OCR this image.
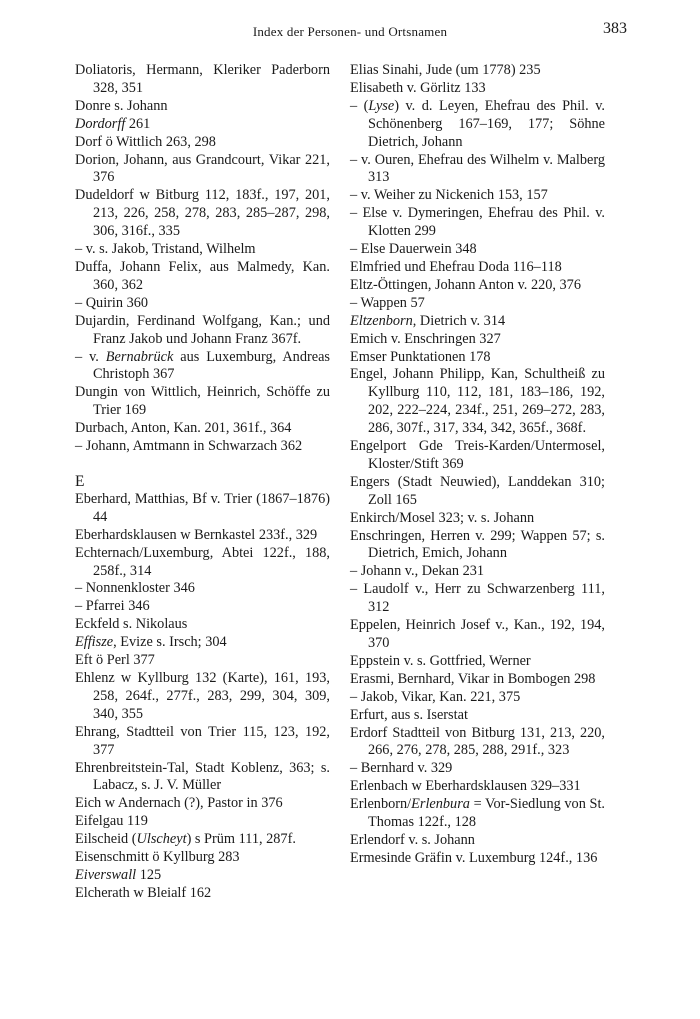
Index der Personen- und Ortsnamen	383

Doliatoris, Hermann, Kleriker Paderborn 328, 351

Donre s. Johann

Dordorff 261

Dorf ö Wittlich 263, 298

Dorion, Johann, aus Grandcourt, Vikar 221, 376

Dudeldorf w Bitburg 112, 183f., 197, 201, 213, 226, 258, 278, 283, 285–287, 298, 306, 316f., 335

– v. s. Jakob, Tristand, Wilhelm

Duffa, Johann Felix, aus Malmedy, Kan. 360, 362

– Quirin 360

Dujardin, Ferdinand Wolfgang, Kan.; und Franz Jakob und Johann Franz 367f.

– v. Bernabrück aus Luxemburg, Andreas Christoph 367

Dungin von Wittlich, Heinrich, Schöffe zu Trier 169

Durbach, Anton, Kan. 201, 361f., 364

– Johann, Amtmann in Schwarzach 362

E

Eberhard, Matthias, Bf v. Trier (1867–1876) 44

Eberhardsklausen w Bernkastel 233f., 329

Echternach/Luxemburg, Abtei 122f., 188, 258f., 314

– Nonnenkloster 346

– Pfarrei 346

Eckfeld s. Nikolaus

Effisze, Evize s. Irsch; 304

Eft ö Perl 377

Ehlenz w Kyllburg 132 (Karte), 161, 193, 258, 264f., 277f., 283, 299, 304, 309, 340, 355

Ehrang, Stadtteil von Trier 115, 123, 192, 377

Ehrenbreitstein-Tal, Stadt Koblenz, 363; s. Labacz, s. J. V. Müller

Eich w Andernach (?), Pastor in 376

Eifelgau 119

Eilscheid (Ulscheyt) s Prüm 111, 287f.

Eisenschmitt ö Kyllburg 283

Eiverswall 125

Elcherath w Bleialf 162

Elias Sinahi, Jude (um 1778) 235

Elisabeth v. Görlitz 133

– (Lyse) v. d. Leyen, Ehefrau des Phil. v. Schönenberg 167–169, 177; Söhne Dietrich, Johann

– v. Ouren, Ehefrau des Wilhelm v. Malberg 313

– v. Weiher zu Nickenich 153, 157

– Else v. Dymeringen, Ehefrau des Phil. v. Klotten 299

– Else Dauerwein 348

Elmfried und Ehefrau Doda 116–118

Eltz-Öttingen, Johann Anton v. 220, 376

– Wappen 57

Eltzenborn, Dietrich v. 314

Emich v. Enschringen 327

Emser Punktationen 178

Engel, Johann Philipp, Kan, Schultheiß zu Kyllburg 110, 112, 181, 183–186, 192, 202, 222–224, 234f., 251, 269–272, 283, 286, 307f., 317, 334, 342, 365f., 368f.

Engelport Gde Treis-Karden/Untermosel, Kloster/Stift 369

Engers (Stadt Neuwied), Landdekan 310; Zoll 165

Enkirch/Mosel 323; v. s. Johann

Enschringen, Herren v. 299; Wappen 57; s. Dietrich, Emich, Johann

– Johann v., Dekan 231

– Laudolf v., Herr zu Schwarzenberg 111, 312

Eppelen, Heinrich Josef v., Kan., 192, 194, 370

Eppstein v. s. Gottfried, Werner

Erasmi, Bernhard, Vikar in Bombogen 298

– Jakob, Vikar, Kan. 221, 375

Erfurt, aus s. Iserstat

Erdorf Stadtteil von Bitburg 131, 213, 220, 266, 276, 278, 285, 288, 291f., 323

– Bernhard v. 329

Erlenbach w Eberhardsklausen 329–331

Erlenborn/Erlenbura = Vor-Siedlung von St. Thomas 122f., 128

Erlendorf v. s. Johann

Ermesinde Gräfin v. Luxemburg 124f., 136
